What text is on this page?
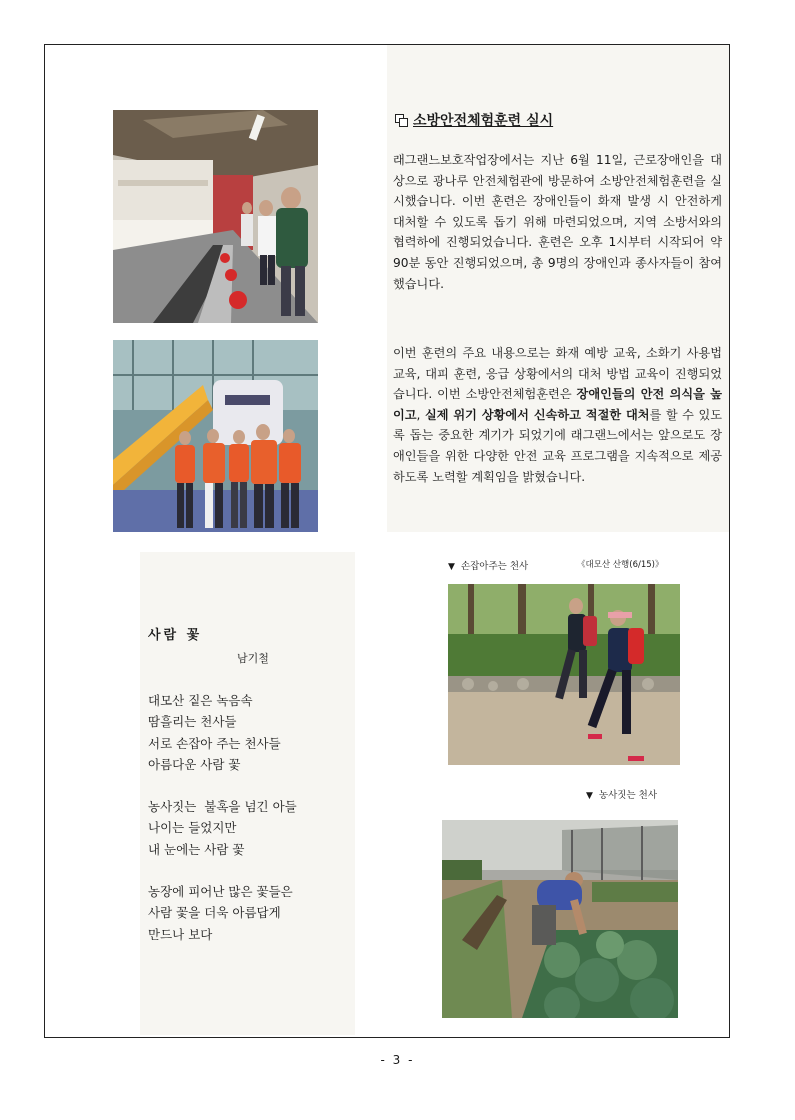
소방안전체험훈련 실시

래그랜느보호작업장에서는 지난 6월 11일, 근로장애인을 대상으로 광나루 안전체험관에 방문하여 소방안전체험훈련을 실시했습니다. 이번 훈련은 장애인들이 화재 발생 시 안전하게 대처할 수 있도록 돕기 위해 마련되었으며, 지역 소방서와의 협력하에 진행되었습니다. 훈련은 오후 1시부터 시작되어 약 90분 동안 진행되었으며, 총 9명의 장애인과 종사자들이 참여했습니다.

이번 훈련의 주요 내용으로는 화재 예방 교육, 소화기 사용법 교육, 대피 훈련, 응급 상황에서의 대처 방법 교육이 진행되었습니다. 이번 소방안전체험훈련은 장애인들의 안전 의식을 높이고, 실제 위기 상황에서 신속하고 적절한 대처를 할 수 있도록 돕는 중요한 계기가 되었기에 래그랜느에서는 앞으로도 장애인들을 위한 다양한 안전 교육 프로그램을 지속적으로 제공하도록 노력할 계획임을 밝혔습니다.

사람 꽃
남기철
대모산 짙은 녹음속
땀흘리는 천사들
서로 손잡아 주는 천사들
아름다운 사람 꽃
농사짓는  불혹을 넘긴 아들
나이는 들었지만
내 눈에는 사람 꽃
농장에 피어난 많은 꽃들은
사람 꽃을 더욱 아름답게
만드나 보다
▼ 손잡아주는 천사	《대모산 산행(6/15)》
▼ 농사짓는 천사
- 3 -
